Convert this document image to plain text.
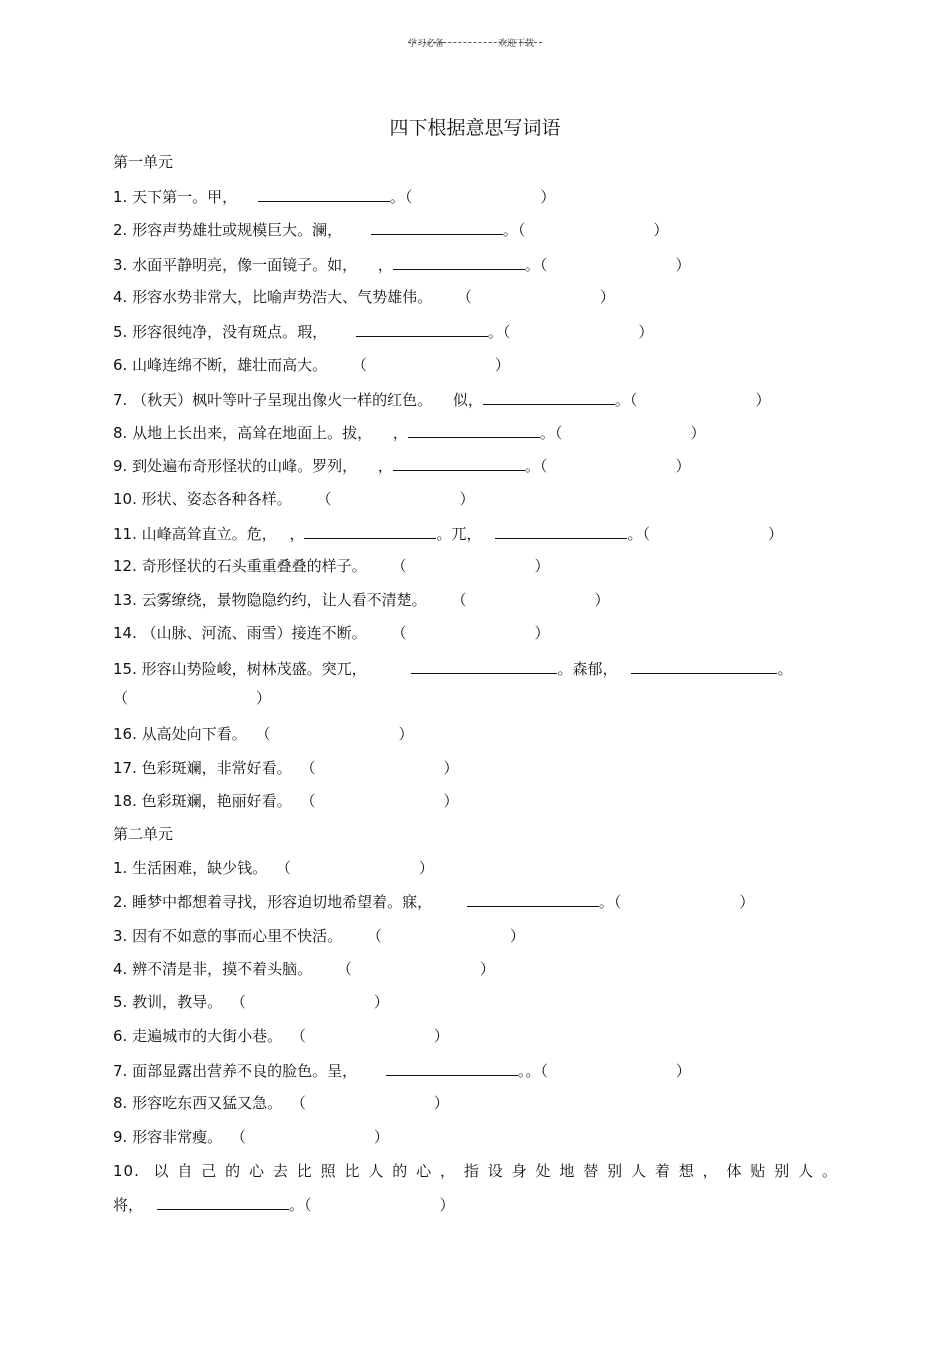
学习必备	欢迎下载
四下根据意思写词语
第一单元
1. 天下第一。甲，	。（	）
2. 形容声势雄壮或规模巨大。澜，	。（	）
3. 水面平静明亮，像一面镜子。如， ，	。（	）
4. 形容水势非常大，比喻声势浩大、气势雄伟。 （	）
5. 形容很纯净，没有斑点。瑕，	。（	）
6. 山峰连绵不断，雄壮而高大。 （	）
7. （秋天）枫叶等叶子呈现出像火一样的红色。 似，	。（	）
8. 从地上长出来，高耸在地面上。拔， ，	。（	）
9. 到处遍布奇形怪状的山峰。罗列， ，	。（	）
10. 形状、姿态各种各样。 （	）
11. 山峰高耸直立。危， ，	。兀，	。（	）
12. 奇形怪状的石头重重叠叠的样子。 （	）
13. 云雾缭绕，景物隐隐约约，让人看不清楚。 （	）
14. （山脉、河流、雨雪）接连不断。 （	）
15. 形容山势险峻，树林茂盛。突兀，	。森郁，	。
（	）
16. 从高处向下看。 （	）
17. 色彩斑斓，非常好看。 （	）
18. 色彩斑斓，艳丽好看。 （	）
第二单元
1. 生活困难，缺少钱。 （	）
2. 睡梦中都想着寻找，形容迫切地希望着。寐，	。（	）
3. 因有不如意的事而心里不快活。 （	）
4. 辨不清是非，摸不着头脑。 （	）
5. 教训，教导。 （	）
6. 走遍城市的大街小巷。 （	）
7. 面部显露出营养不良的脸色。呈，	。。（	）
8. 形容吃东西又猛又急。 （	）
9. 形容非常瘦。 （	）
10. 以自己的心去比照比人的心，指设身处地替别人着想，体贴别人。
将，	。（	）
